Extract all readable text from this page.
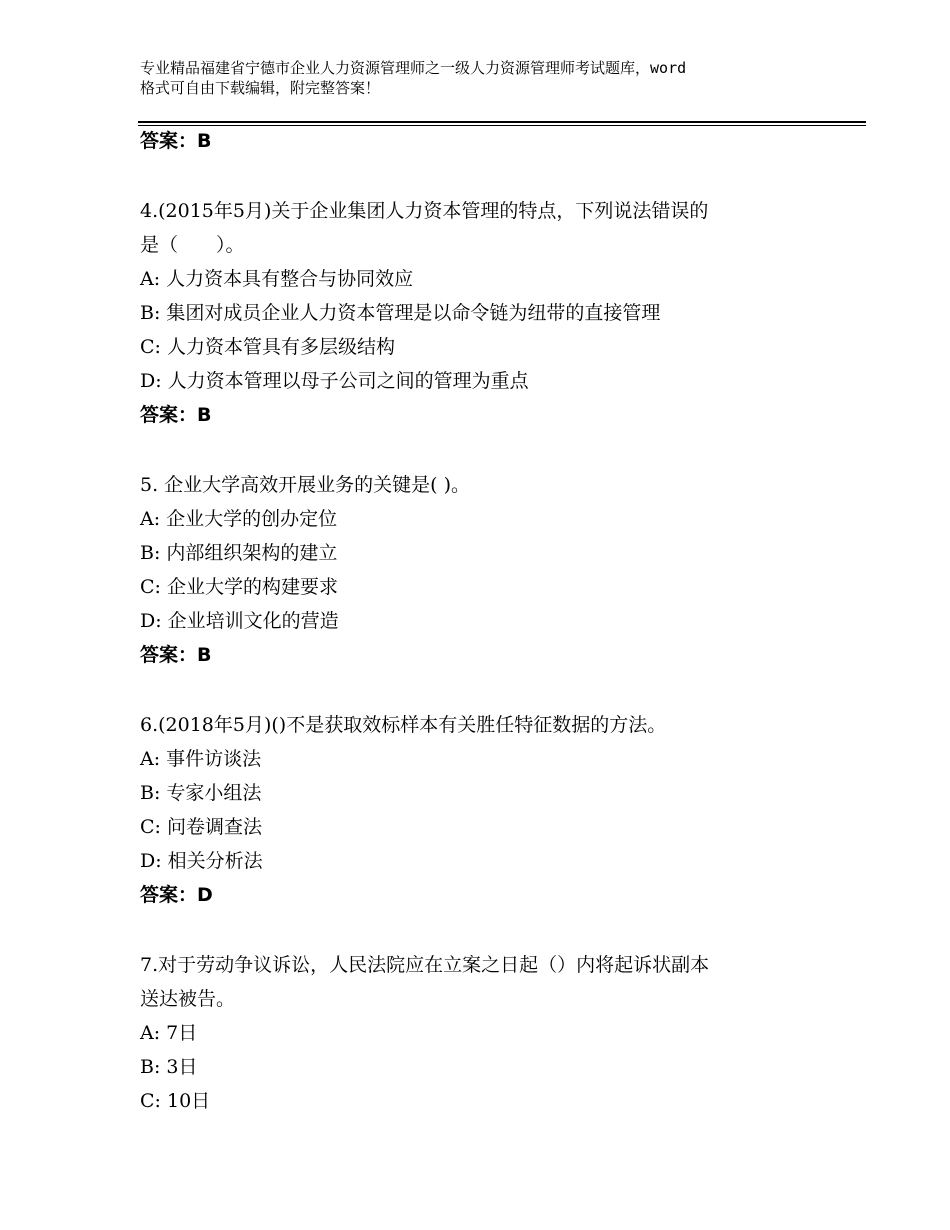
专业精品福建省宁德市企业人力资源管理师之一级人力资源管理师考试题库，word
格式可自由下载编辑，附完整答案！
答案：B
4.(2015年5月)关于企业集团人力资本管理的特点，下列说法错误的
是（　　）。
A: 人力资本具有整合与协同效应
B: 集团对成员企业人力资本管理是以命令链为纽带的直接管理
C: 人力资本管具有多层级结构
D: 人力资本管理以母子公司之间的管理为重点
答案：B
5. 企业大学高效开展业务的关键是( )。
A: 企业大学的创办定位
B: 内部组织架构的建立
C: 企业大学的构建要求
D: 企业培训文化的营造
答案：B
6.(2018年5月)()不是获取效标样本有关胜任特征数据的方法。
A: 事件访谈法
B: 专家小组法
C: 问卷调查法
D: 相关分析法
答案：D
7.对于劳动争议诉讼，人民法院应在立案之日起（）内将起诉状副本
送达被告。
A: 7日
B: 3日
C: 10日
